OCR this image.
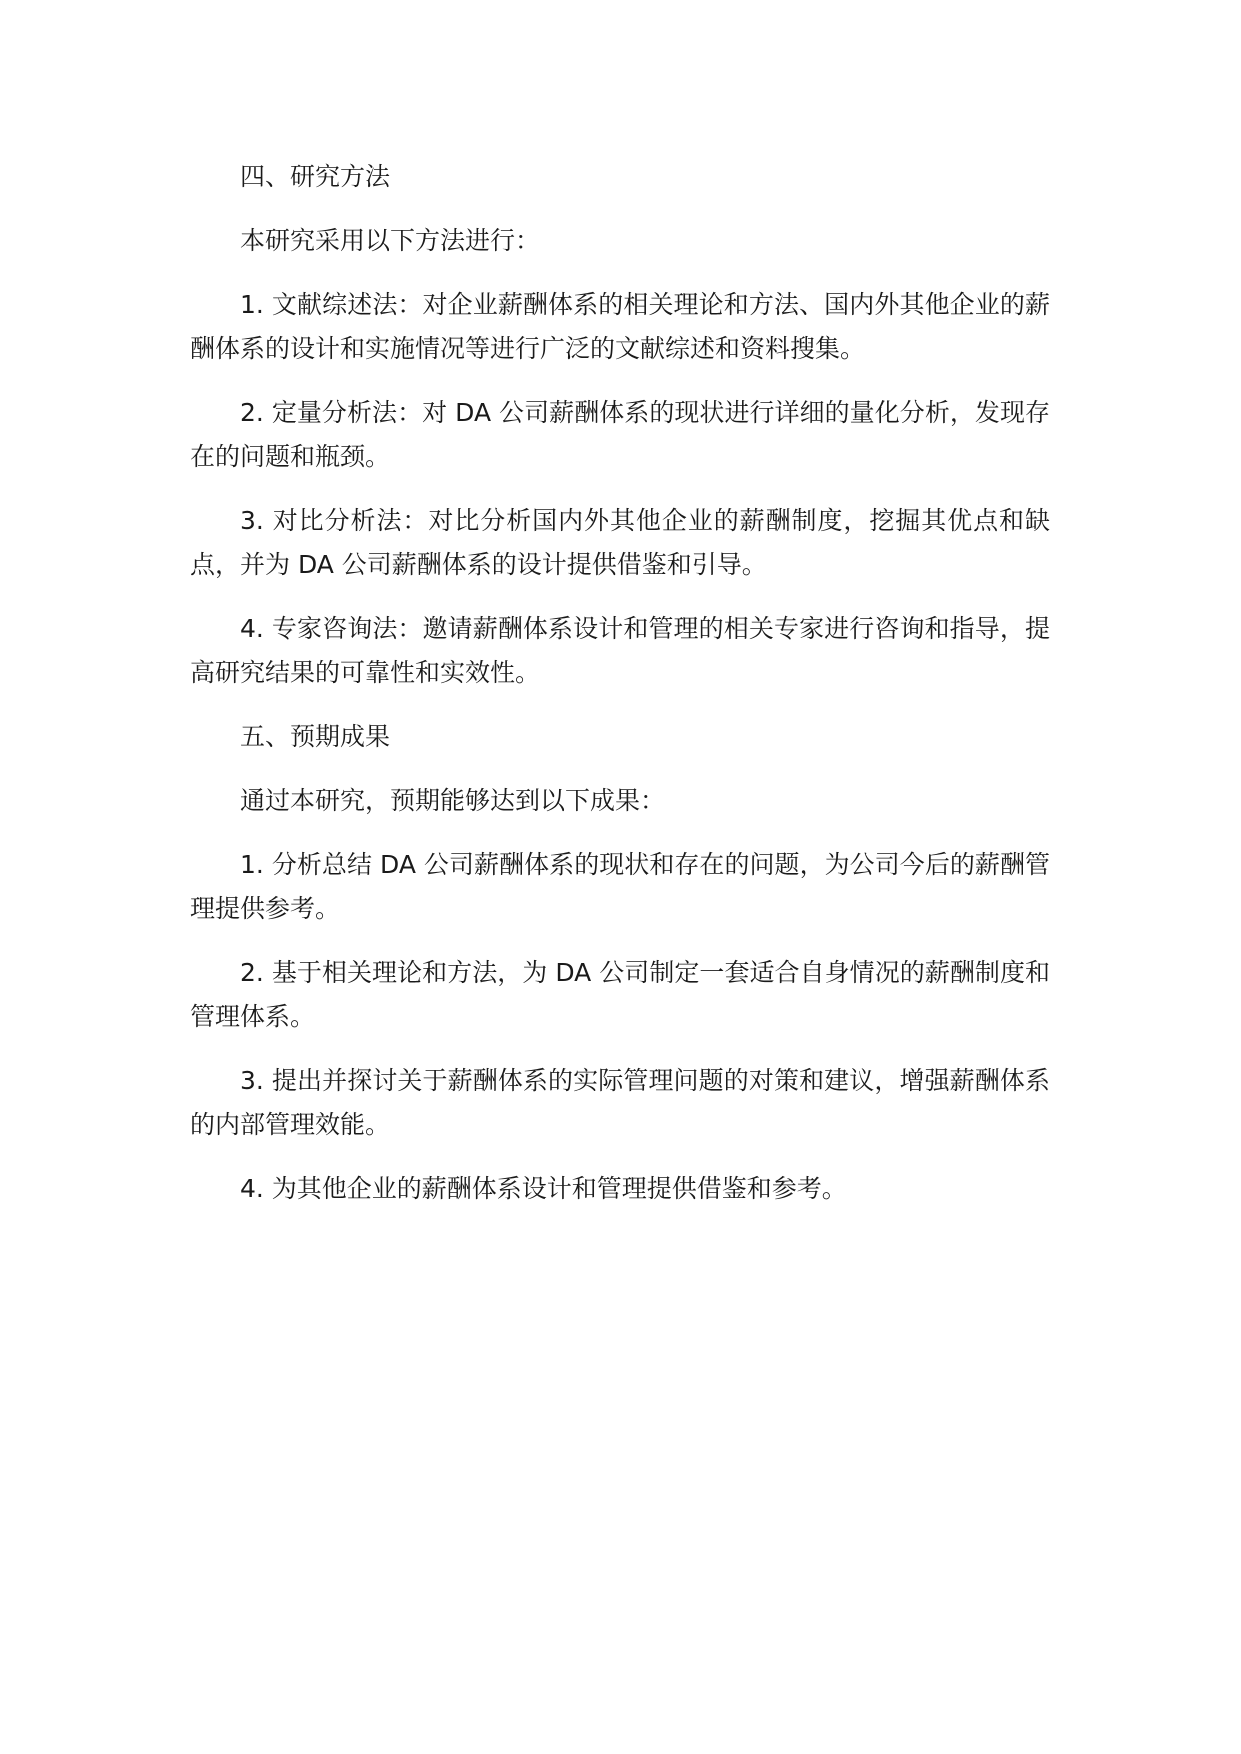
四、研究方法

本研究采用以下方法进行：

1. 文献综述法：对企业薪酬体系的相关理论和方法、国内外其他企业的薪酬体系的设计和实施情况等进行广泛的文献综述和资料搜集。

2. 定量分析法：对 DA 公司薪酬体系的现状进行详细的量化分析，发现存在的问题和瓶颈。

3. 对比分析法：对比分析国内外其他企业的薪酬制度，挖掘其优点和缺点，并为 DA 公司薪酬体系的设计提供借鉴和引导。

4. 专家咨询法：邀请薪酬体系设计和管理的相关专家进行咨询和指导，提高研究结果的可靠性和实效性。

五、预期成果

通过本研究，预期能够达到以下成果：

1. 分析总结 DA 公司薪酬体系的现状和存在的问题，为公司今后的薪酬管理提供参考。

2. 基于相关理论和方法，为 DA 公司制定一套适合自身情况的薪酬制度和管理体系。

3. 提出并探讨关于薪酬体系的实际管理问题的对策和建议，增强薪酬体系的内部管理效能。

4. 为其他企业的薪酬体系设计和管理提供借鉴和参考。
